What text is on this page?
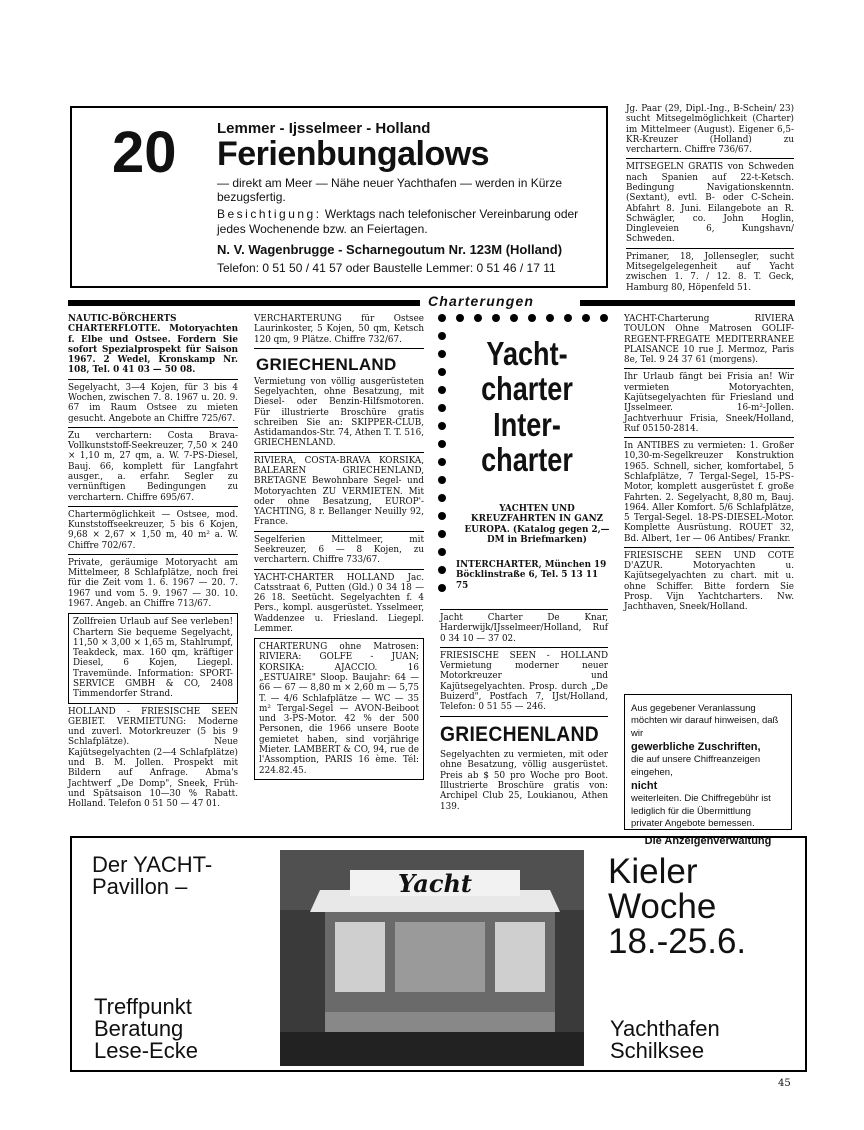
20	Lemmer - Ijsselmeer - Holland
Ferienbungalows
— direkt am Meer — Nähe neuer Yachthafen — werden in Kürze bezugsfertig.
Besichtigung: Werktags nach telefonischer Vereinbarung oder jedes Wochenende bzw. an Feiertagen.
N. V. Wagenbrugge - Scharnegoutum Nr. 123M (Holland)
Telefon: 0 51 50 / 41 57 oder Baustelle Lemmer: 0 51 46 / 17 11
Jg. Paar (29, Dipl.-Ing., B-Schein/ 23) sucht Mitsegelmöglichkeit (Charter) im Mittelmeer (August). Eigener 6,5-KR-Kreuzer (Holland) zu verchartern. Chiffre 736/67.
MITSEGELN GRATIS von Schweden nach Spanien auf 22-t-Ketsch. Bedingung Navigationskenntn. (Sextant), evtl. B- oder C-Schein. Abfahrt 8. Juni. Eilangebote an R. Schwägler, co. John Hoglin, Dingleveien 6, Kungshavn/ Schweden.
Primaner, 18, Jollensegler, sucht Mitsegelgelegenheit auf Yacht zwischen 1. 7. / 12. 8. T. Geck, Hamburg 80, Höpenfeld 51.
Charterungen
NAUTIC-BÖRCHERTS CHARTERFLOTTE. Motoryachten f. Elbe und Ostsee. Fordern Sie sofort Spezialprospekt für Saison 1967. 2 Wedel, Kronskamp Nr. 108, Tel. 0 41 03 — 50 08.
Segelyacht, 3—4 Kojen, für 3 bis 4 Wochen, zwischen 7. 8. 1967 u. 20. 9. 67 im Raum Ostsee zu mieten gesucht. Angebote an Chiffre 725/67.
Zu verchartern: Costa Brava-Vollkunststoff-Seekreuzer, 7,50 × 240 × 1,10 m, 27 qm, a. W. 7-PS-Diesel, Bauj. 66, komplett für Langfahrt ausger., a. erfahr. Segler zu vernünftigen Bedingungen zu verchartern. Chiffre 695/67.
Chartermöglichkeit — Ostsee, mod. Kunststoffseekreuzer, 5 bis 6 Kojen, 9,68 × 2,67 × 1,50 m, 40 m² a. W. Chiffre 702/67.
Private, geräumige Motoryacht am Mittelmeer, 8 Schlafplätze, noch frei für die Zeit vom 1. 6. 1967 — 20. 7. 1967 und vom 5. 9. 1967 — 30. 10. 1967. Angeb. an Chiffre 713/67.
Zollfreien Urlaub auf See verleben! Chartern Sie bequeme Segelyacht, 11,50 × 3,00 × 1,65 m, Stahlrumpf, Teakdeck, max. 160 qm, kräftiger Diesel, 6 Kojen, Liegepl. Travemünde. Information: SPORT-SERVICE GMBH & CO, 2408 Timmendorfer Strand.
HOLLAND - FRIESISCHE SEEN GEBIET. VERMIETUNG: Moderne und zuverl. Motorkreuzer (5 bis 9 Schlafplätze). Neue Kajütsegelyachten (2—4 Schlafplätze) und B. M. Jollen. Prospekt mit Bildern auf Anfrage. Abma's Jachtwerf „De Domp", Sneek, Früh- und Spätsaison 10—30 % Rabatt. Holland. Telefon 0 51 50 — 47 01.
VERCHARTERUNG für Ostsee Laurinkoster, 5 Kojen, 50 qm, Ketsch 120 qm, 9 Plätze. Chiffre 732/67.
GRIECHENLAND
Vermietung von völlig ausgerüsteten Segelyachten, ohne Besatzung, mit Diesel- oder Benzin-Hilfsmotoren. Für illustrierte Broschüre gratis schreiben Sie an: SKIPPER-CLUB, Astidamandos-Str. 74, Athen T. T. 516, GRIECHENLAND.
RIVIERA, COSTA-BRAVA KORSIKA, BALEAREN GRIECHENLAND, BRETAGNE Bewohnbare Segel- und Motoryachten ZU VERMIETEN. Mit oder ohne Besatzung, EUROP'-YACHTING, 8 r. Bellanger Neuilly 92, France.
Segelferien Mittelmeer, mit Seekreuzer, 6 — 8 Kojen, zu verchartern. Chiffre 733/67.
YACHT-CHARTER HOLLAND Jac. Catsstraat 6, Putten (Gld.) 0 34 18 — 26 18. Seetücht. Segelyachten f. 4 Pers., kompl. ausgerüstet. Ysselmeer, Waddenzee u. Friesland. Liegepl. Lemmer.
CHARTERUNG ohne Matrosen: RIVIERA: GOLFE - JUAN; KORSIKA: AJACCIO. 16 „ESTUAIRE" Sloop. Baujahr: 64 — 66 — 67 — 8,80 m × 2,60 m — 5,75 T. — 4/6 Schlafplätze — WC — 35 m² Tergal-Segel — AVON-Beiboot und 3-PS-Motor. 42 % der 500 Personen, die 1966 unsere Boote gemietet haben, sind vorjährige Mieter. LAMBERT & CO, 94, rue de l'Assomption, PARIS 16 ème. Tél: 224.82.45.
Yacht-
charter
Inter-
charter
YACHTEN UND KREUZFAHRTEN IN GANZ EUROPA. (Katalog gegen 2,— DM in Briefmarken)
INTERCHARTER, München 19 Böcklinstraße 6, Tel. 5 13 11 75
Jacht Charter De Knar, Harderwijk/IJsselmeer/Holland, Ruf 0 34 10 — 37 02.
FRIESISCHE SEEN - HOLLAND Vermietung moderner neuer Motorkreuzer und Kajütsegelyachten. Prosp. durch „De Buizerd", Postfach 7, IJst/Holland, Telefon: 0 51 55 — 246.
GRIECHENLAND
Segelyachten zu vermieten, mit oder ohne Besatzung, völlig ausgerüstet. Preis ab $ 50 pro Woche pro Boot. Illustrierte Broschüre gratis von: Archipel Club 25, Loukianou, Athen 139.
YACHT-Charterung RIVIERA TOULON Ohne Matrosen GOLIF-REGENT-FREGATE MEDITERRANEE PLAISANCE 10 rue J. Mermoz, Paris 8e, Tel. 9 24 37 61 (morgens).
Ihr Urlaub fängt bei Frisia an! Wir vermieten Motoryachten, Kajütsegelyachten für Friesland und IJsselmeer. 16-m²-Jollen. Jachtverhuur Frisia, Sneek/Holland, Ruf 05150-2814.
In ANTIBES zu vermieten: 1. Großer 10,30-m-Segelkreuzer Konstruktion 1965. Schnell, sicher, komfortabel, 5 Schlafplätze, 7 Tergal-Segel, 15-PS-Motor, komplett ausgerüstet f. große Fahrten. 2. Segelyacht, 8,80 m, Bauj. 1964. Aller Komfort. 5/6 Schlafplätze, 5 Tergal-Segel. 18-PS-DIESEL-Motor. Komplette Ausrüstung. ROUET 32, Bd. Albert, 1er — 06 Antibes/ Frankr.
FRIESISCHE SEEN UND COTE D'AZUR. Motoryachten u. Kajütsegelyachten zu chart. mit u. ohne Schiffer. Bitte fordern Sie Prosp. Vijn Yachtcharters. Nw. Jachthaven, Sneek/Holland.
Aus gegebener Veranlassung möchten wir darauf hinweisen, daß wir
gewerbliche Zuschriften,
die auf unsere Chiffreanzeigen eingehen,
nicht
weiterleiten. Die Chiffregebühr ist lediglich für die Übermittlung privater Angebote bemessen.

Die Anzeigenverwaltung
Der YACHT-
Pavillon –
Treffpunkt
Beratung
Lese-Ecke
Yacht	Kieler
Woche
18.-25.6.
Yachthafen
Schilksee
45
